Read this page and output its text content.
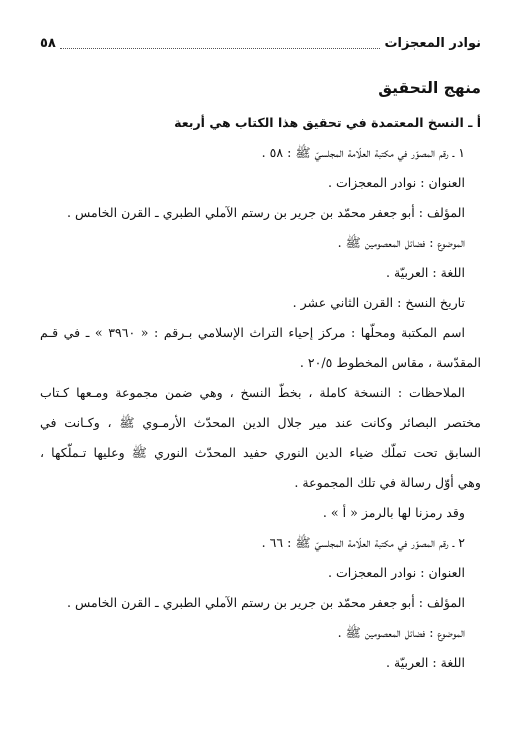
نوادر المعجزات
٥٨
منهج التحقيق
أ ـ النسخ المعتمدة في تحقيق هذا الكتاب هي أربعة
١ ـ رقم المصوّر في مكتبة العلّامة المجلسيّ ﷺ : ٥٨ .
العنوان : نوادر المعجزات .
المؤلف : أبو جعفر محمّد بن جرير بن رستم الآملي الطبري ـ القرن الخامس .
الموضوع : فضائل المعصومين ﷺ .
اللغة : العربيّة .
تاريخ النسخ : القرن الثاني عشر .
اسم المكتبة ومحلّها : مركز إحياء التراث الإسلامي بـرقم : « ٣٩٦٠ » ـ في قـم
المقدّسة ، مقاس المخطوط ٢٠/٥ .
الملاحظات : النسخة كاملة ، بخطّ النسخ ، وهي ضمن مجموعة ومـعها كـتاب
مختصر البصائر وكانت عند مير جلال الدين المحدّث الأرمـوي ﷺ ، وكـانت في
السابق تحت تملّك ضياء الدين النوري حفيد المحدّث النوري ﷺ وعليها تـملّكها ،
وهي أوّل رسالة في تلك المجموعة .
وقد رمزنا لها بالرمز « أ » .
٢ ـ رقم المصوّر في مكتبة العلّامة المجلسيّ ﷺ : ٦٦ .
العنوان : نوادر المعجزات .
المؤلف : أبو جعفر محمّد بن جرير بن رستم الآملي الطبري ـ القرن الخامس .
الموضوع : فضائل المعصومين ﷺ .
اللغة : العربيّة .
